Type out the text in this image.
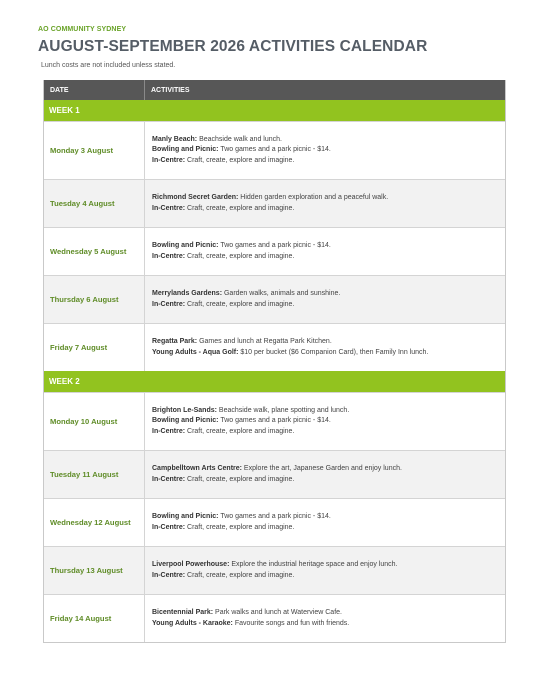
AO COMMUNITY SYDNEY
AUGUST-SEPTEMBER 2026 ACTIVITIES CALENDAR
Lunch costs are not included unless stated.
DATE	ACTIVITIES
WEEK 1
Monday 3 August
Manly Beach: Beachside walk and lunch.
Bowling and Picnic: Two games and a park picnic - $14.
In-Centre: Craft, create, explore and imagine.
Tuesday 4 August
Richmond Secret Garden: Hidden garden exploration and a peaceful walk.
In-Centre: Craft, create, explore and imagine.
Wednesday 5 August
Bowling and Picnic: Two games and a park picnic - $14.
In-Centre: Craft, create, explore and imagine.
Thursday 6 August
Merrylands Gardens: Garden walks, animals and sunshine.
In-Centre: Craft, create, explore and imagine.
Friday 7 August
Regatta Park: Games and lunch at Regatta Park Kitchen.
Young Adults - Aqua Golf: $10 per bucket ($6 Companion Card), then Family Inn lunch.
WEEK 2
Monday 10 August
Brighton Le-Sands: Beachside walk, plane spotting and lunch.
Bowling and Picnic: Two games and a park picnic - $14.
In-Centre: Craft, create, explore and imagine.
Tuesday 11 August
Campbelltown Arts Centre: Explore the art, Japanese Garden and enjoy lunch.
In-Centre: Craft, create, explore and imagine.
Wednesday 12 August
Bowling and Picnic: Two games and a park picnic - $14.
In-Centre: Craft, create, explore and imagine.
Thursday 13 August
Liverpool Powerhouse: Explore the industrial heritage space and enjoy lunch.
In-Centre: Craft, create, explore and imagine.
Friday 14 August
Bicentennial Park: Park walks and lunch at Waterview Cafe.
Young Adults - Karaoke: Favourite songs and fun with friends.
